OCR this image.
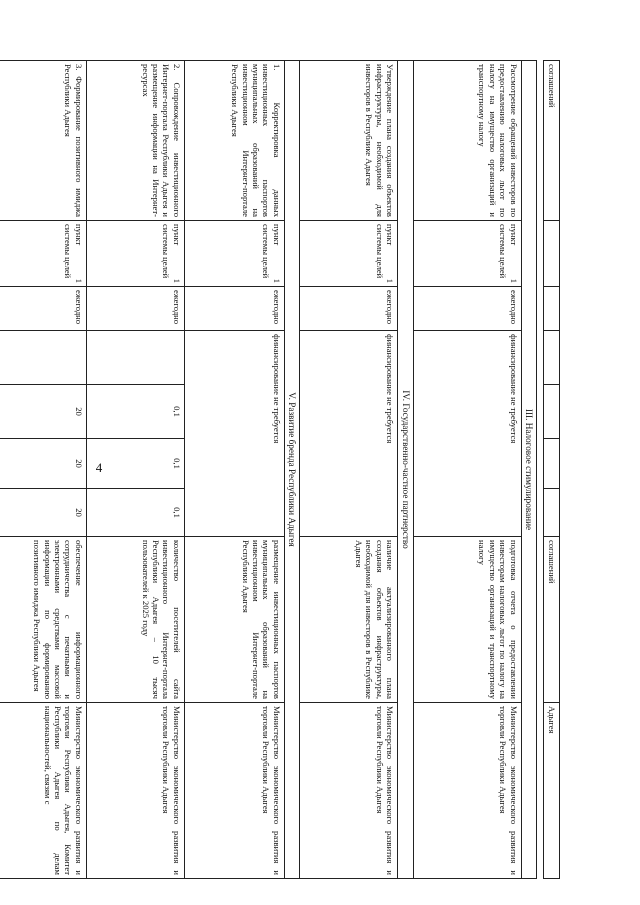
соглашений							соглашений	Адыгея

III. Налоговое стимулирование								
Рассмотрение обращений инвесторов по предоставлению налоговых льгот по налогу на имущество организаций и транспортному налогу	пункт 1 системы целей	ежегодно	финансирование не требуется				подготовка отчета о предоставлении инвесторам налоговых льгот по налогу на имущество организаций и транспортному налогу	Министерство экономического развития и торговли Республики Адыгея
IV. Государственно-частное партнерство								
Утверждение плана создания объектов инфраструктуры, необходимой для инвесторов в Республике Адыгея	пункт 1 системы целей	ежегодно	финансирование не требуется				наличие актуализированного плана создания объектов инфраструктуры, необходимой для инвесторов в Республике Адыгея	Министерство экономического развития и торговли Республики Адыгея
V. Развитие бренда Республики Адыгея								
1. Корректировка данных инвестиционных паспортов муниципальных образований на инвестиционном Интернет-портале Республики Адыгея	пункт 1 системы целей	ежегодно	финансирование не требуется				размещение инвестиционных паспортов муниципальных образований на инвестиционном Интернет-портале Республики Адыгея	Министерство экономического развития и торговли Республики Адыгея
2. Сопровождение инвестиционного Интернет-портала Республики Адыгея и размещение информации на Интернет-ресурсах	пункт 1 системы целей	ежегодно		0,1	0,1	0,1	количество посетителей сайта инвестиционного Интернет-портала Республики Адыгея – 10 тысяч пользователей к 2025 году	Министерство экономического развития и торговли Республики Адыгея
3. Формирование позитивного имиджа Республики Адыгея	пункт 1 системы целей	ежегодно		20	20	20	обеспечение информационного сотрудничества с печатными и электронными средствами массовой информации по формированию позитивного имиджа Республики Адыгея	Министерство экономического развития и торговли Республики Адыгея, Комитет Республики Адыгея по делам национальностей, связям с
4
